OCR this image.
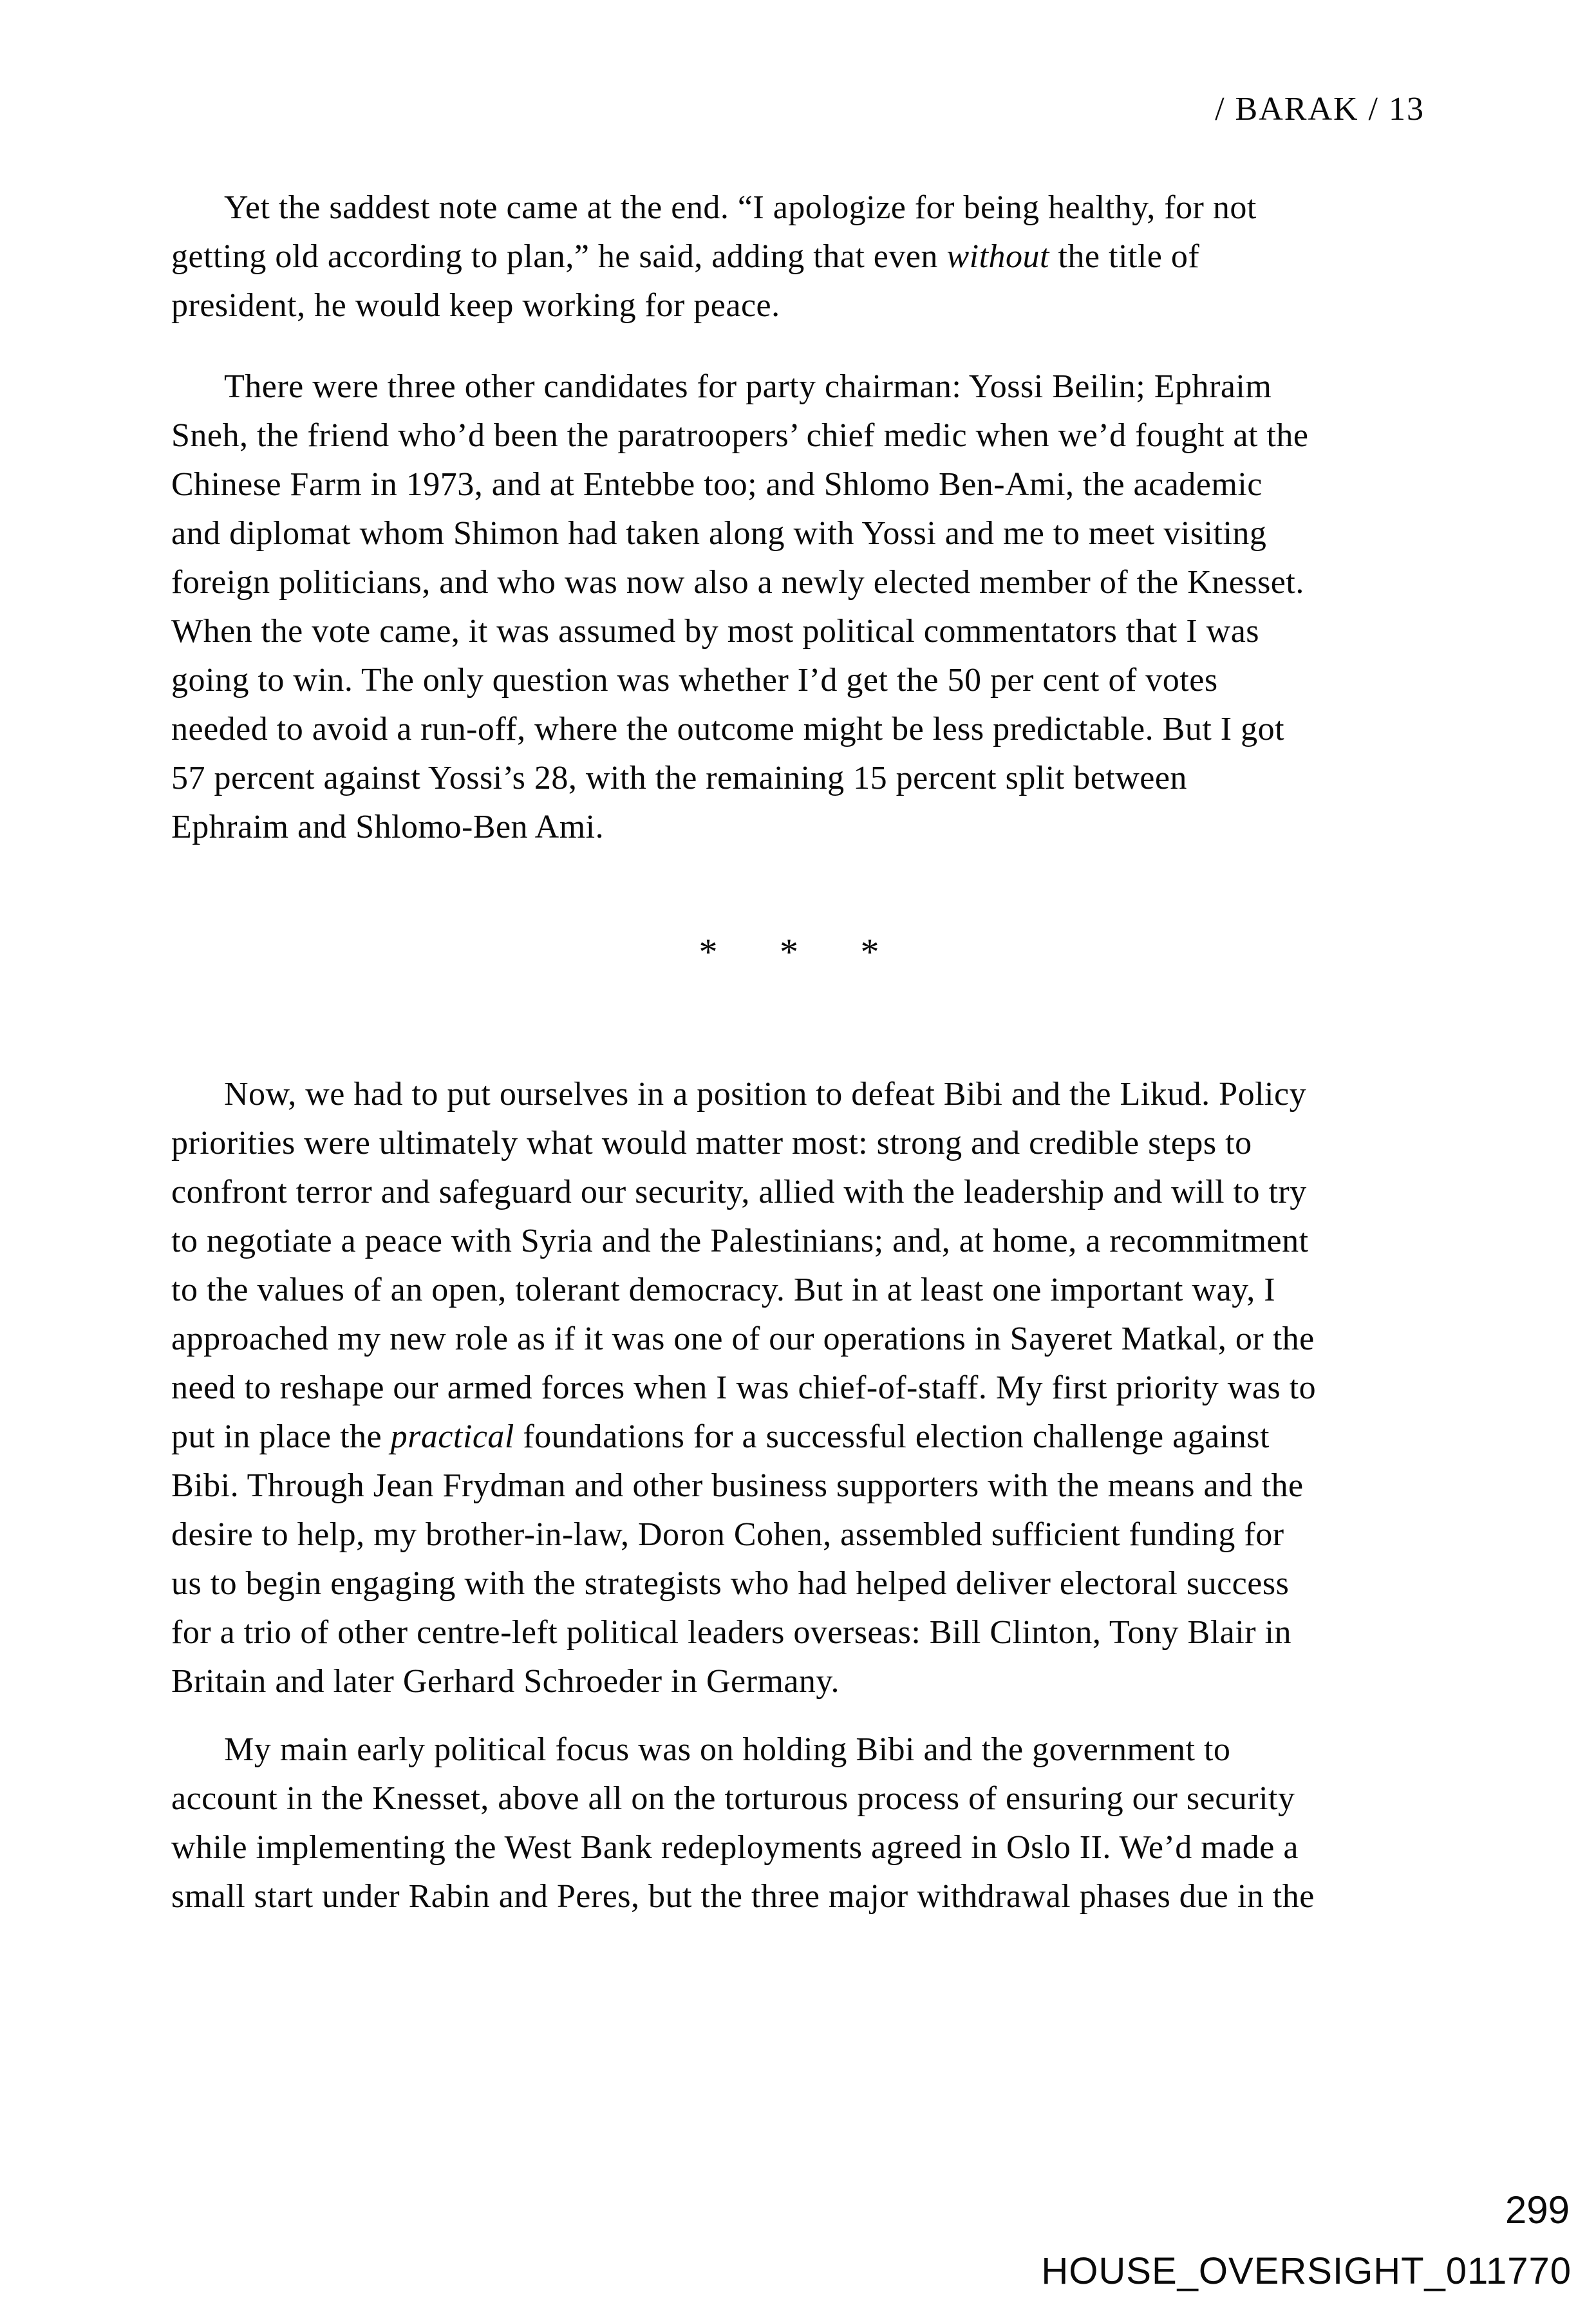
/ BARAK / 13
Yet the saddest note came at the end. “I apologize for being healthy, for not
getting old according to plan,” he said, adding that even without the title of
president, he would keep working for peace.
There were three other candidates for party chairman: Yossi Beilin; Ephraim
Sneh, the friend who’d been the paratroopers’ chief medic when we’d fought at the
Chinese Farm in 1973, and at Entebbe too; and Shlomo Ben-Ami, the academic
and diplomat whom Shimon had taken along with Yossi and me to meet visiting
foreign politicians, and who was now also a newly elected member of the Knesset.
When the vote came, it was assumed by most political commentators that I was
going to win. The only question was whether I’d get the 50 per cent of votes
needed to avoid a run-off, where the outcome might be less predictable. But I got
57 percent against Yossi’s 28, with the remaining 15 percent split between
Ephraim and Shlomo-Ben Ami.
* * *
Now, we had to put ourselves in a position to defeat Bibi and the Likud. Policy
priorities were ultimately what would matter most: strong and credible steps to
confront terror and safeguard our security, allied with the leadership and will to try
to negotiate a peace with Syria and the Palestinians; and, at home, a recommitment
to the values of an open, tolerant democracy. But in at least one important way, I
approached my new role as if it was one of our operations in Sayeret Matkal, or the
need to reshape our armed forces when I was chief-of-staff. My first priority was to
put in place the practical foundations for a successful election challenge against
Bibi. Through Jean Frydman and other business supporters with the means and the
desire to help, my brother-in-law, Doron Cohen, assembled sufficient funding for
us to begin engaging with the strategists who had helped deliver electoral success
for a trio of other centre-left political leaders overseas: Bill Clinton, Tony Blair in
Britain and later Gerhard Schroeder in Germany.
My main early political focus was on holding Bibi and the government to
account in the Knesset, above all on the torturous process of ensuring our security
while implementing the West Bank redeployments agreed in Oslo II. We’d made a
small start under Rabin and Peres, but the three major withdrawal phases due in the
299
HOUSE_OVERSIGHT_011770
